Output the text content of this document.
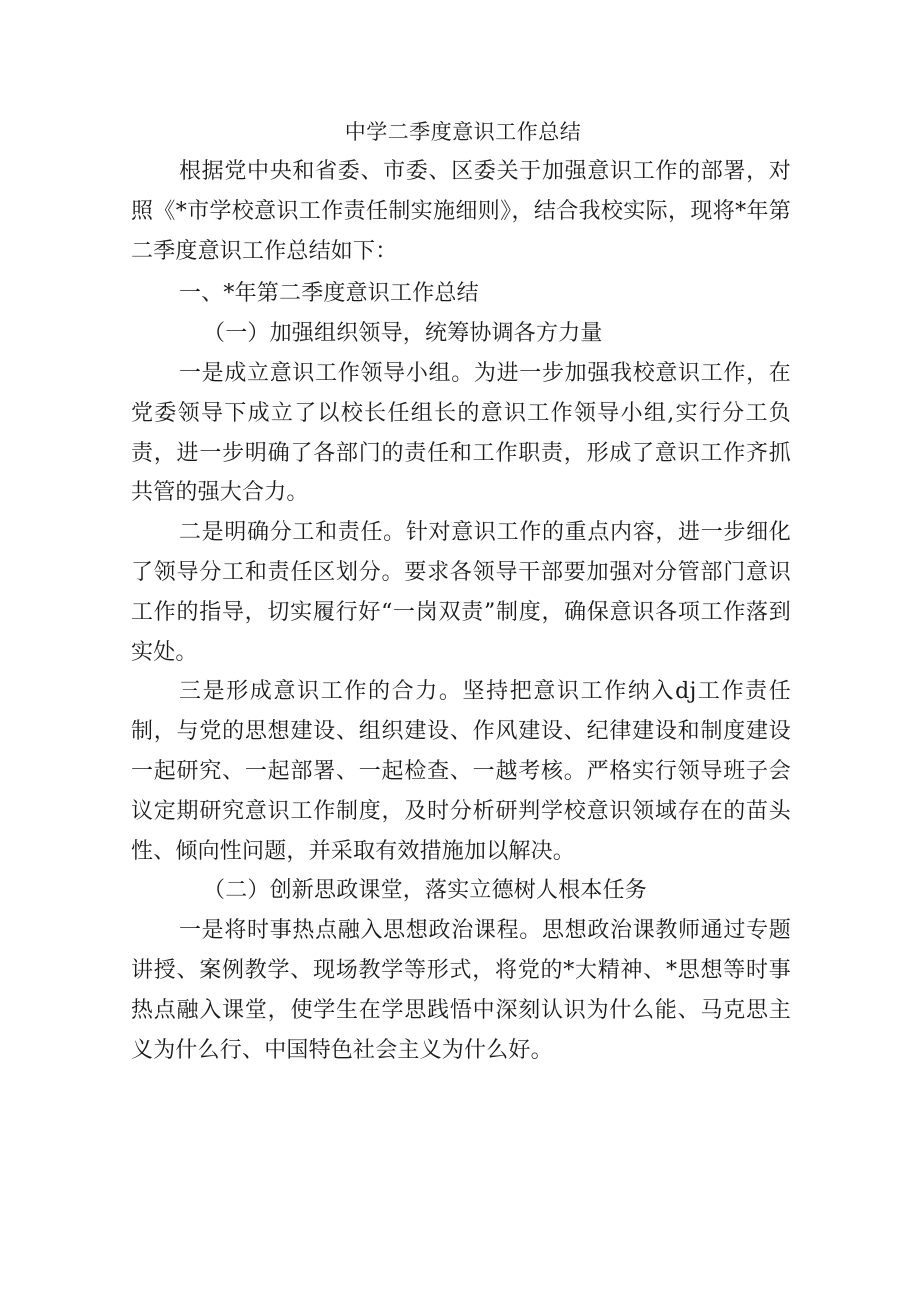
中学二季度意识工作总结

根据党中央和省委、市委、区委关于加强意识工作的部署，对照《*市学校意识工作责任制实施细则》，结合我校实际，现将*年第二季度意识工作总结如下：

一、*年第二季度意识工作总结

（一）加强组织领导，统筹协调各方力量

一是成立意识工作领导小组。为进一步加强我校意识工作，在党委领导下成立了以校长任组长的意识工作领导小组,实行分工负责，进一步明确了各部门的责任和工作职责，形成了意识工作齐抓共管的强大合力。

二是明确分工和责任。针对意识工作的重点内容，进一步细化了领导分工和责任区划分。要求各领导干部要加强对分管部门意识工作的指导，切实履行好“一岗双责”制度，确保意识各项工作落到实处。

三是形成意识工作的合力。坚持把意识工作纳入dj工作责任制，与党的思想建设、组织建设、作风建设、纪律建设和制度建设一起研究、一起部署、一起检查、一越考核。严格实行领导班子会议定期研究意识工作制度，及时分析研判学校意识领域存在的苗头性、倾向性问题，并采取有效措施加以解决。

（二）创新思政课堂，落实立德树人根本任务

一是将时事热点融入思想政治课程。思想政治课教师通过专题讲授、案例教学、现场教学等形式，将党的*大精神、*思想等时事热点融入课堂，使学生在学思践悟中深刻认识为什么能、马克思主义为什么行、中国特色社会主义为什么好。
